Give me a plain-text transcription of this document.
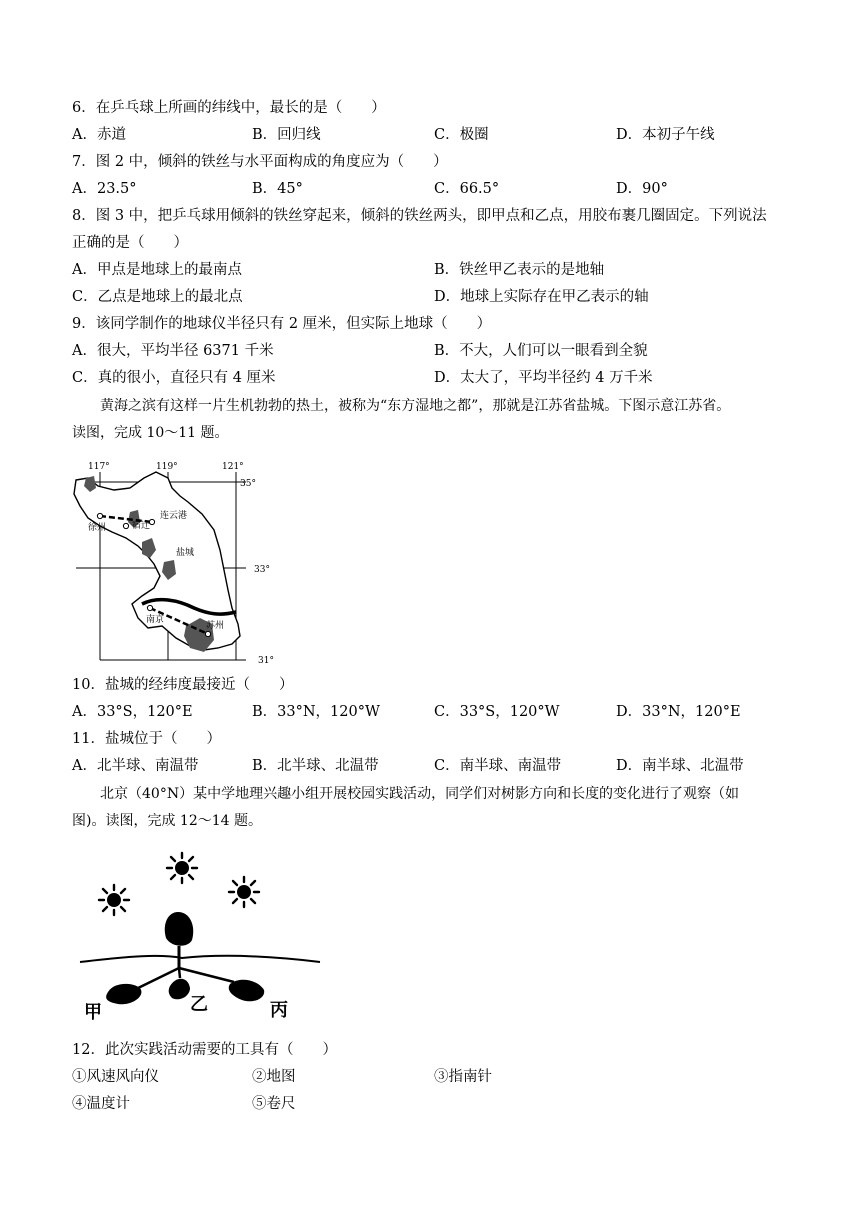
6．在乒乓球上所画的纬线中，最长的是（　　）
A．赤道	B．回归线	C．极圈	D．本初子午线
7．图 2 中，倾斜的铁丝与水平面构成的角度应为（　　）
A．23.5°	B．45°	C．66.5°	D．90°
8．图 3 中，把乒乓球用倾斜的铁丝穿起来，倾斜的铁丝两头，即甲点和乙点，用胶布裹几圈固定。下列说法
正确的是（　　）
A．甲点是地球上的最南点	B．铁丝甲乙表示的是地轴
C．乙点是地球上的最北点	D．地球上实际存在甲乙表示的轴
9．该同学制作的地球仪半径只有 2 厘米，但实际上地球（　　）
A．很大，平均半径 6371 千米	B．不大，人们可以一眼看到全貌
C．真的很小，直径只有 4 厘米	D．太大了，平均半径约 4 万千米
黄海之滨有这样一片生机勃勃的热土，被称为“东方湿地之都”，那就是江苏省盐城。下图示意江苏省。
读图，完成 10～11 题。
117°	119°	121°
35°
33°
31°
连云港
徐州	宿迁
盐城
南京
苏州
10．盐城的经纬度最接近（　　）
A．33°S，120°E	B．33°N，120°W	C．33°S，120°W	D．33°N，120°E
11．盐城位于（　　）
A．北半球、南温带	B．北半球、北温带	C．南半球、南温带	D．南半球、北温带
北京（40°N）某中学地理兴趣小组开展校园实践活动，同学们对树影方向和长度的变化进行了观察（如
图)。读图，完成 12～14 题。
甲	乙	丙
12．此次实践活动需要的工具有（　　）
①风速风向仪	②地图	③指南针
④温度计	⑤卷尺
